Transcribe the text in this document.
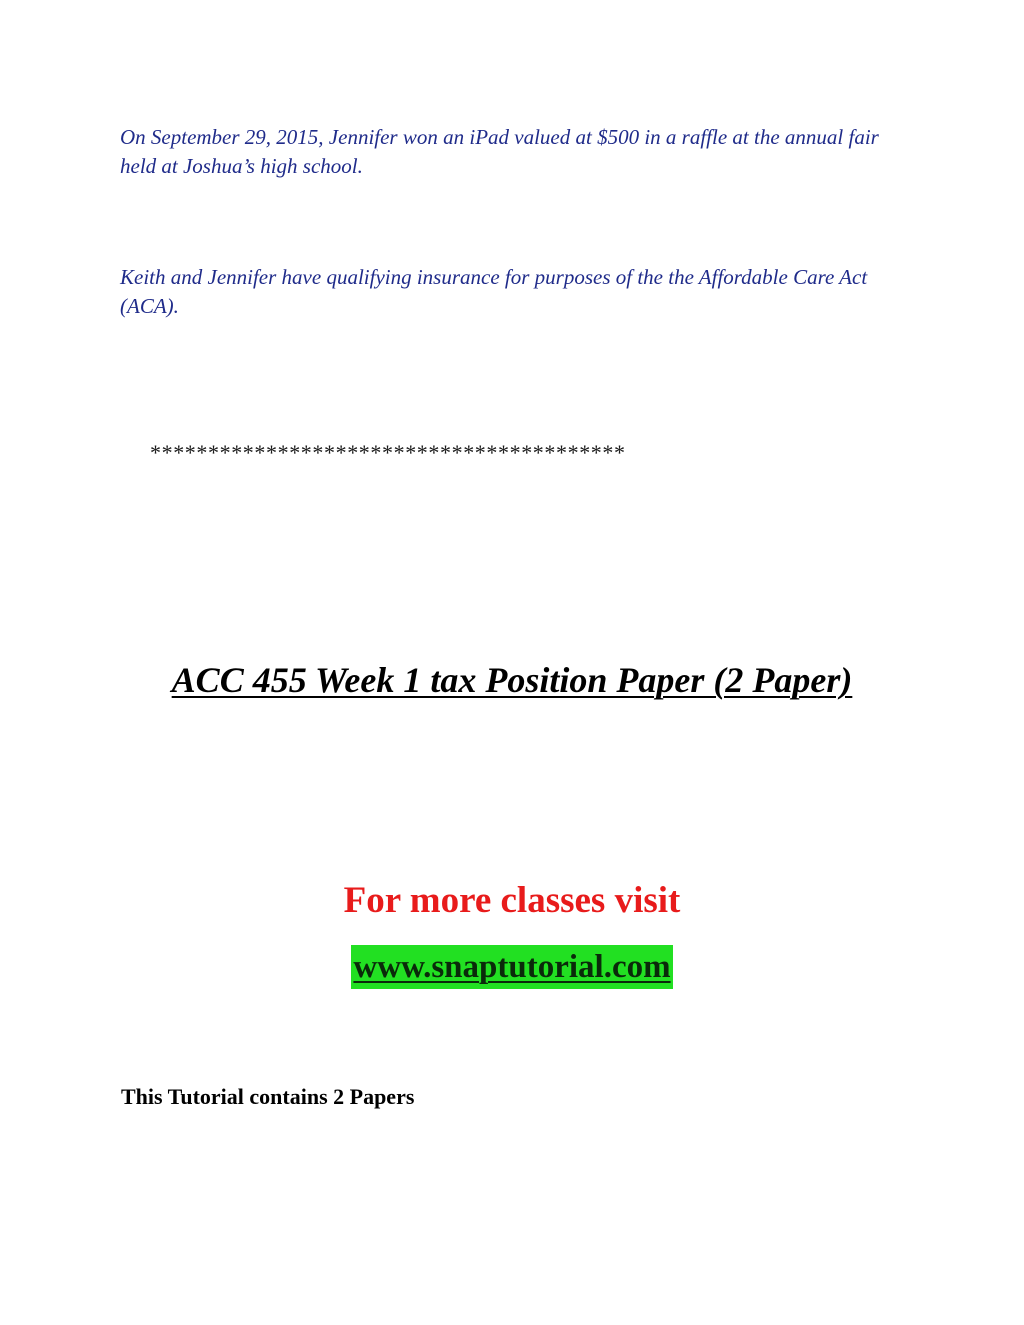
On September 29, 2015, Jennifer won an iPad valued at $500 in a raffle at the annual fair held at Joshua’s high school.
Keith and Jennifer have qualifying insurance for purposes of the the Affordable Care Act (ACA).
*****************************************
ACC 455 Week 1 tax Position Paper (2 Paper)
For more classes visit
www.snaptutorial.com
This Tutorial contains 2 Papers
